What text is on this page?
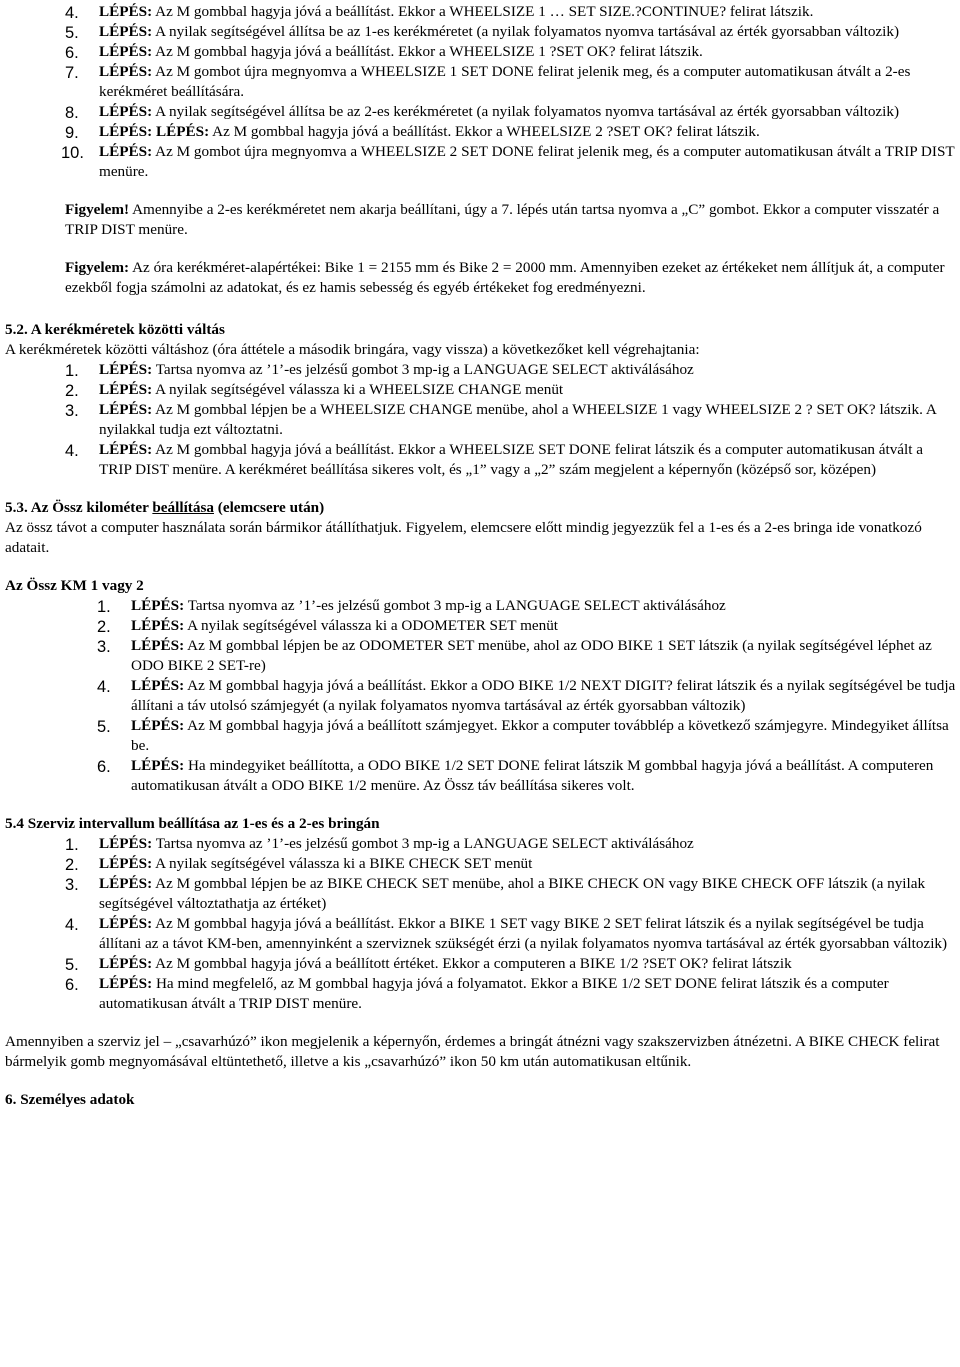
4. LÉPÉS: Az M gombbal hagyja jóvá a beállítást. Ekkor a WHEELSIZE 1 … SET SIZE.?CONTINUE? felirat látszik.
5. LÉPÉS: A nyilak segítségével állítsa be az 1-es kerékméretet (a nyilak folyamatos nyomva tartásával az érték gyorsabban változik)
6. LÉPÉS: Az M gombbal hagyja jóvá a beállítást. Ekkor a WHEELSIZE 1 ?SET OK? felirat látszik.
7. LÉPÉS: Az M gombot újra megnyomva a WHEELSIZE 1 SET DONE felirat jelenik meg, és a computer automatikusan átvált a 2-es kerékméret beállítására.
8. LÉPÉS: A nyilak segítségével állítsa be az 2-es kerékméretet (a nyilak folyamatos nyomva tartásával az érték gyorsabban változik)
9. LÉPÉS: LÉPÉS: Az M gombbal hagyja jóvá a beállítást. Ekkor a WHEELSIZE 2 ?SET OK? felirat látszik.
10. LÉPÉS: Az M gombot újra megnyomva a WHEELSIZE 2 SET DONE felirat jelenik meg, és a computer automatikusan átvált a TRIP DIST menüre.

Figyelem! Amennyibe a 2-es kerékméretet nem akarja beállítani, úgy a 7. lépés után tartsa nyomva a „C” gombot. Ekkor a computer visszatér a TRIP DIST menüre.

Figyelem: Az óra kerékméret-alapértékei: Bike 1 = 2155 mm és Bike 2 = 2000 mm. Amennyiben ezeket az értékeket nem állítjuk át, a computer ezekből fogja számolni az adatokat, és ez hamis sebesség és egyéb értékeket fog eredményezni.

5.2. A kerékméretek közötti váltás

A kerékméretek közötti váltáshoz (óra áttétele a második bringára, vagy vissza) a következőket kell végrehajtania:

1. LÉPÉS: Tartsa nyomva az ’1’-es jelzésű gombot 3 mp-ig a LANGUAGE SELECT aktiválásához
2. LÉPÉS: A nyilak segítségével válassza ki a WHEELSIZE CHANGE menüt
3. LÉPÉS: Az M gombbal lépjen be a WHEELSIZE CHANGE menübe, ahol a WHEELSIZE 1 vagy WHEELSIZE 2 ? SET OK? látszik. A nyilakkal tudja ezt változtatni.
4. LÉPÉS: Az M gombbal hagyja jóvá a beállítást. Ekkor a WHEELSIZE SET DONE felirat látszik és a computer automatikusan átvált a TRIP DIST menüre. A kerékméret beállítása sikeres volt, és „1” vagy a „2” szám megjelent a képernyőn (középső sor, középen)

5.3. Az Össz kilométer beállítása (elemcsere után)

Az össz távot a computer használata során bármikor átállíthatjuk. Figyelem, elemcsere előtt mindig jegyezzük fel a 1-es és a 2-es bringa ide vonatkozó adatait.

Az Össz KM 1 vagy 2

1. LÉPÉS: Tartsa nyomva az ’1’-es jelzésű gombot 3 mp-ig a LANGUAGE SELECT aktiválásához
2. LÉPÉS: A nyilak segítségével válassza ki a ODOMETER SET menüt
3. LÉPÉS: Az M gombbal lépjen be az ODOMETER SET menübe, ahol az ODO BIKE 1 SET látszik (a nyilak segítségével léphet az ODO BIKE 2 SET-re)
4. LÉPÉS: Az M gombbal hagyja jóvá a beállítást. Ekkor a ODO BIKE 1/2 NEXT DIGIT? felirat látszik és a nyilak segítségével be tudja állítani a táv utolsó számjegyét (a nyilak folyamatos nyomva tartásával az érték gyorsabban változik)
5. LÉPÉS: Az M gombbal hagyja jóvá a beállított számjegyet. Ekkor a computer továbblép a következő számjegyre. Mindegyiket állítsa be.
6. LÉPÉS: Ha mindegyiket beállította, a ODO BIKE 1/2 SET DONE felirat látszik M gombbal hagyja jóvá a beállítást. A computeren automatikusan átvált a ODO BIKE 1/2 menüre. Az Össz táv beállítása sikeres volt.

5.4 Szerviz intervallum beállítása az 1-es és a 2-es bringán

1. LÉPÉS: Tartsa nyomva az ’1’-es jelzésű gombot 3 mp-ig a LANGUAGE SELECT aktiválásához
2. LÉPÉS: A nyilak segítségével válassza ki a BIKE CHECK SET menüt
3. LÉPÉS: Az M gombbal lépjen be az BIKE CHECK SET menübe, ahol a BIKE CHECK ON vagy BIKE CHECK OFF látszik (a nyilak segítségével változtathatja az értéket)
4. LÉPÉS: Az M gombbal hagyja jóvá a beállítást. Ekkor a BIKE 1 SET vagy BIKE 2 SET felirat látszik és a nyilak segítségével be tudja állítani az a távot KM-ben, amennyinként a szerviznek szükségét érzi (a nyilak folyamatos nyomva tartásával az érték gyorsabban változik)
5. LÉPÉS: Az M gombbal hagyja jóvá a beállított értéket. Ekkor a computeren a BIKE 1/2 ?SET OK? felirat látszik
6. LÉPÉS: Ha mind megfelelő, az M gombbal hagyja jóvá a folyamatot. Ekkor a BIKE 1/2 SET DONE felirat látszik és a computer automatikusan átvált a TRIP DIST menüre.

Amennyiben a szerviz jel – „csavarhúzó” ikon megjelenik a képernyőn, érdemes a bringát átnézni vagy szakszervizben átnézetni. A BIKE CHECK felirat bármelyik gomb megnyomásával eltüntethető, illetve a kis „csavarhúzó” ikon 50 km után automatikusan eltűnik.

6. Személyes adatok
